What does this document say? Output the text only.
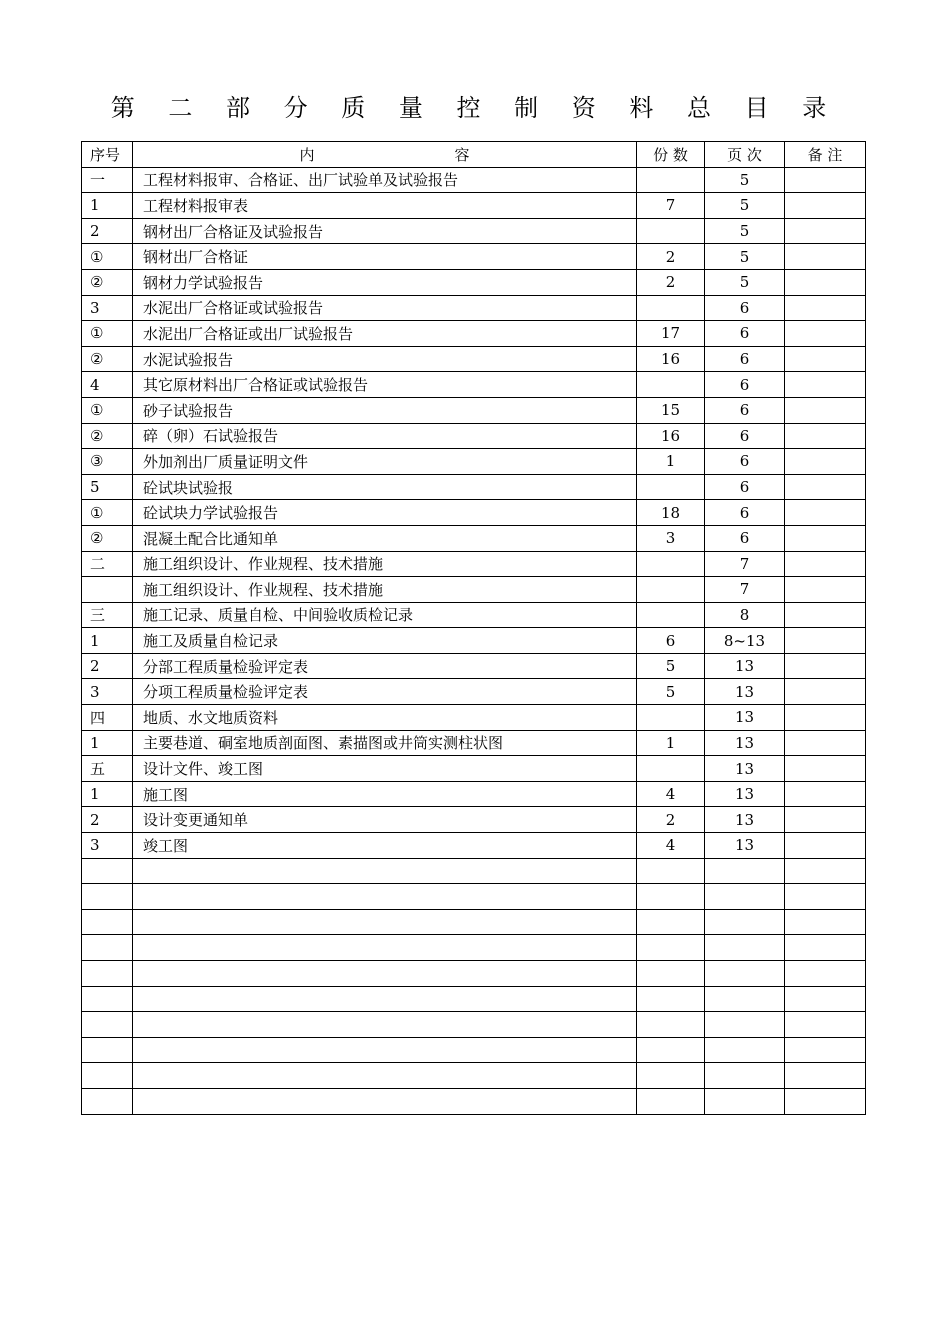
第 二 部 分 质 量 控 制 资 料 总 目 录
序号	内 容	份 数	页 次	备 注
一	工程材料报审、合格证、出厂试验单及试验报告		5	
1	工程材料报审表	7	5	
2	钢材出厂合格证及试验报告		5	
①	钢材出厂合格证	2	5	
②	钢材力学试验报告	2	5	
3	水泥出厂合格证或试验报告		6	
①	水泥出厂合格证或出厂试验报告	17	6	
②	水泥试验报告	16	6	
4	其它原材料出厂合格证或试验报告		6	
①	砂子试验报告	15	6	
②	碎（卵）石试验报告	16	6	
③	外加剂出厂质量证明文件	1	6	
5	砼试块试验报		6	
①	砼试块力学试验报告	18	6	
②	混凝土配合比通知单	3	6	
二	施工组织设计、作业规程、技术措施		7	
	施工组织设计、作业规程、技术措施		7	
三	施工记录、质量自检、中间验收质检记录		8	
1	施工及质量自检记录	6	8~13	
2	分部工程质量检验评定表	5	13	
3	分项工程质量检验评定表	5	13	
四	地质、水文地质资料		13	
1	主要巷道、硐室地质剖面图、素描图或井筒实测柱状图	1	13	
五	设计文件、竣工图		13	
1	施工图	4	13	
2	设计变更通知单	2	13	
3	竣工图	4	13	
